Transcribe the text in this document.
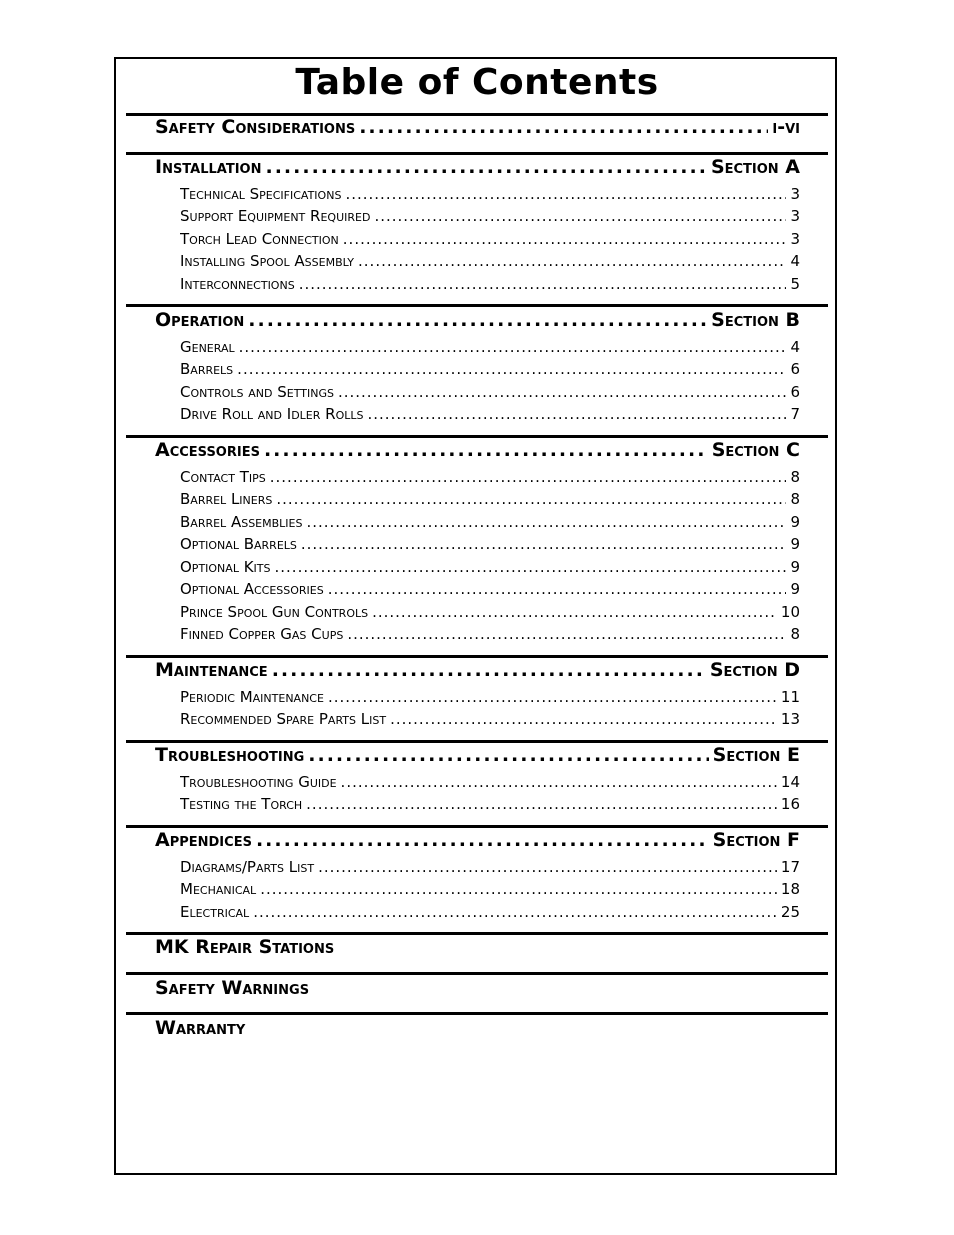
Table of Contents
Safety Considerations .....	i-vi
Installation .....	Section A
Technical Specifications .....	3
Support Equipment Required .....	3
Torch Lead Connection .....	3
Installing Spool Assembly .....	4
Interconnections .....	5
Operation .....	Section B
General .....	4
Barrels .....	6
Controls and Settings .....	6
Drive Roll and Idler Rolls .....	7
Accessories .....	Section C
Contact Tips .....	8
Barrel Liners .....	8
Barrel Assemblies .....	9
Optional Barrels .....	9
Optional Kits .....	9
Optional Accessories .....	9
Prince Spool Gun Controls .....	10
Finned Copper Gas Cups .....	8
Maintenance .....	Section D
Periodic Maintenance .....	11
Recommended Spare Parts List .....	13
Troubleshooting .....	Section E
Troubleshooting Guide .....	14
Testing the Torch .....	16
Appendices .....	Section F
Diagrams/Parts List .....	17
Mechanical .....	18
Electrical .....	25
MK Repair Stations
Safety Warnings
Warranty
